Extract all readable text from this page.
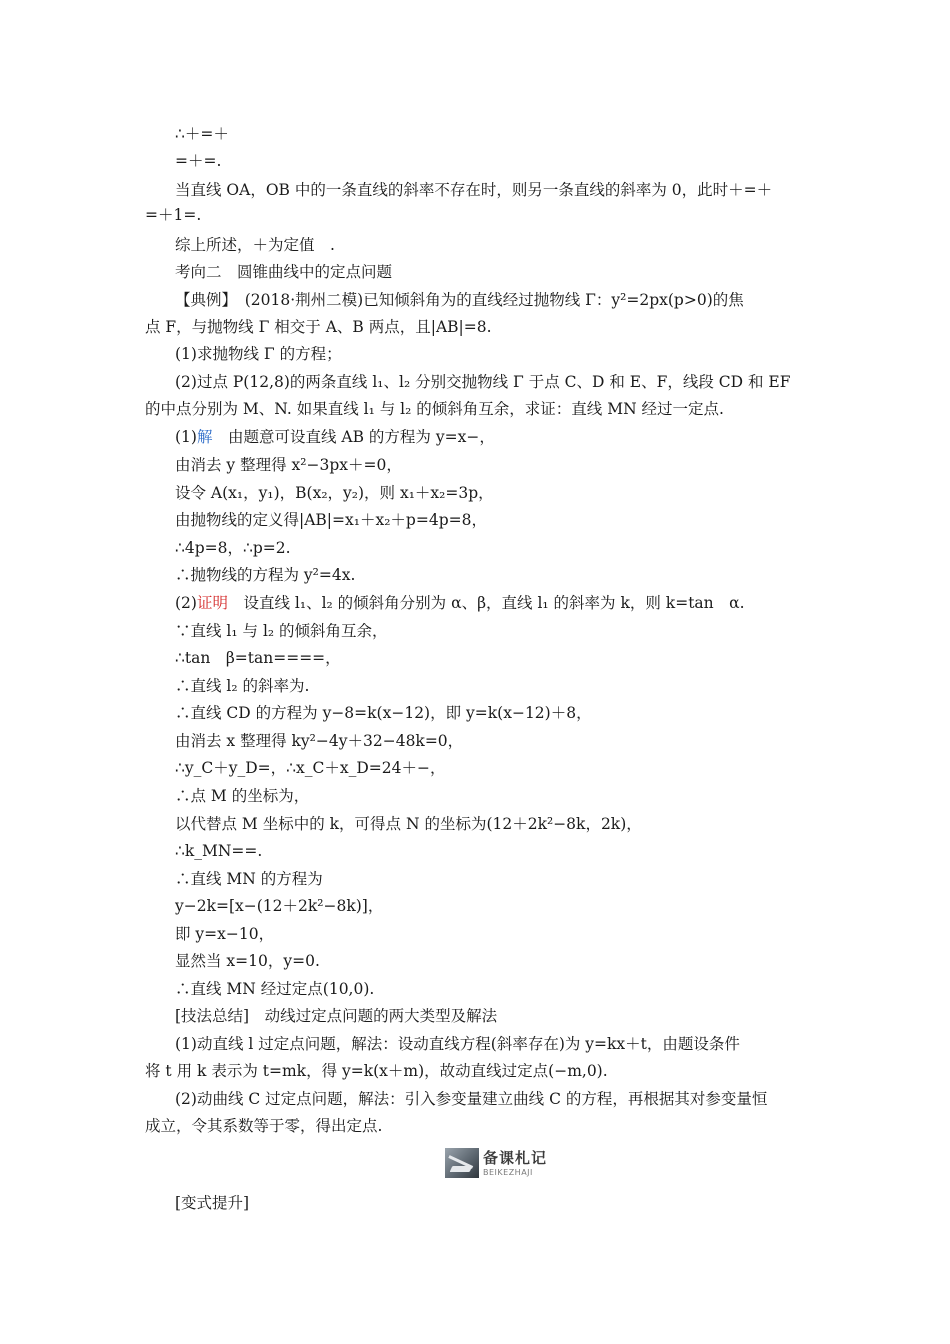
∴＋=＋
=＋=.
当直线 OA，OB 中的一条直线的斜率不存在时，则另一条直线的斜率为 0，此时＋=＋
=＋1=.
综上所述，＋为定值　.
考向二　圆锥曲线中的定点问题
【典例】　(2018·荆州二模)已知倾斜角为的直线经过抛物线 Γ：y²=2px(p>0)的焦
点 F，与抛物线 Γ 相交于 A、B 两点，且|AB|=8.
(1)求抛物线 Γ 的方程；
(2)过点 P(12,8)的两条直线 l₁、l₂ 分别交抛物线 Γ 于点 C、D 和 E、F，线段 CD 和 EF
的中点分别为 M、N. 如果直线 l₁ 与 l₂ 的倾斜角互余，求证：直线 MN 经过一定点.
(1)解　由题意可设直线 AB 的方程为 y=x−，
由消去 y 整理得 x²−3px＋=0，
设令 A(x₁，y₁)，B(x₂，y₂)，则 x₁＋x₂=3p，
由抛物线的定义得|AB|=x₁＋x₂＋p=4p=8，
∴4p=8，∴p=2.
∴抛物线的方程为 y²=4x.
(2)证明　设直线 l₁、l₂ 的倾斜角分别为 α、β，直线 l₁ 的斜率为 k，则 k=tan　α.
∵直线 l₁ 与 l₂ 的倾斜角互余，
∴tan　β=tan====，
∴直线 l₂ 的斜率为.
∴直线 CD 的方程为 y−8=k(x−12)，即 y=k(x−12)＋8，
由消去 x 整理得 ky²−4y＋32−48k=0，
∴y_C＋y_D=，∴x_C＋x_D=24＋−，
∴点 M 的坐标为，
以代替点 M 坐标中的 k，可得点 N 的坐标为(12＋2k²−8k，2k)，
∴k_MN==.
∴直线 MN 的方程为
y−2k=[x−(12＋2k²−8k)]，
即 y=x−10，
显然当 x=10，y=0.
∴直线 MN 经过定点(10,0).
[技法总结]　动线过定点问题的两大类型及解法
(1)动直线 l 过定点问题，解法：设动直线方程(斜率存在)为 y=kx＋t，由题设条件
将 t 用 k 表示为 t=mk，得 y=k(x＋m)，故动直线过定点(−m,0).
(2)动曲线 C 过定点问题，解法：引入参变量建立曲线 C 的方程，再根据其对参变量恒
成立，令其系数等于零，得出定点.
备课札记
BEIKEZHAJI
[变式提升]
